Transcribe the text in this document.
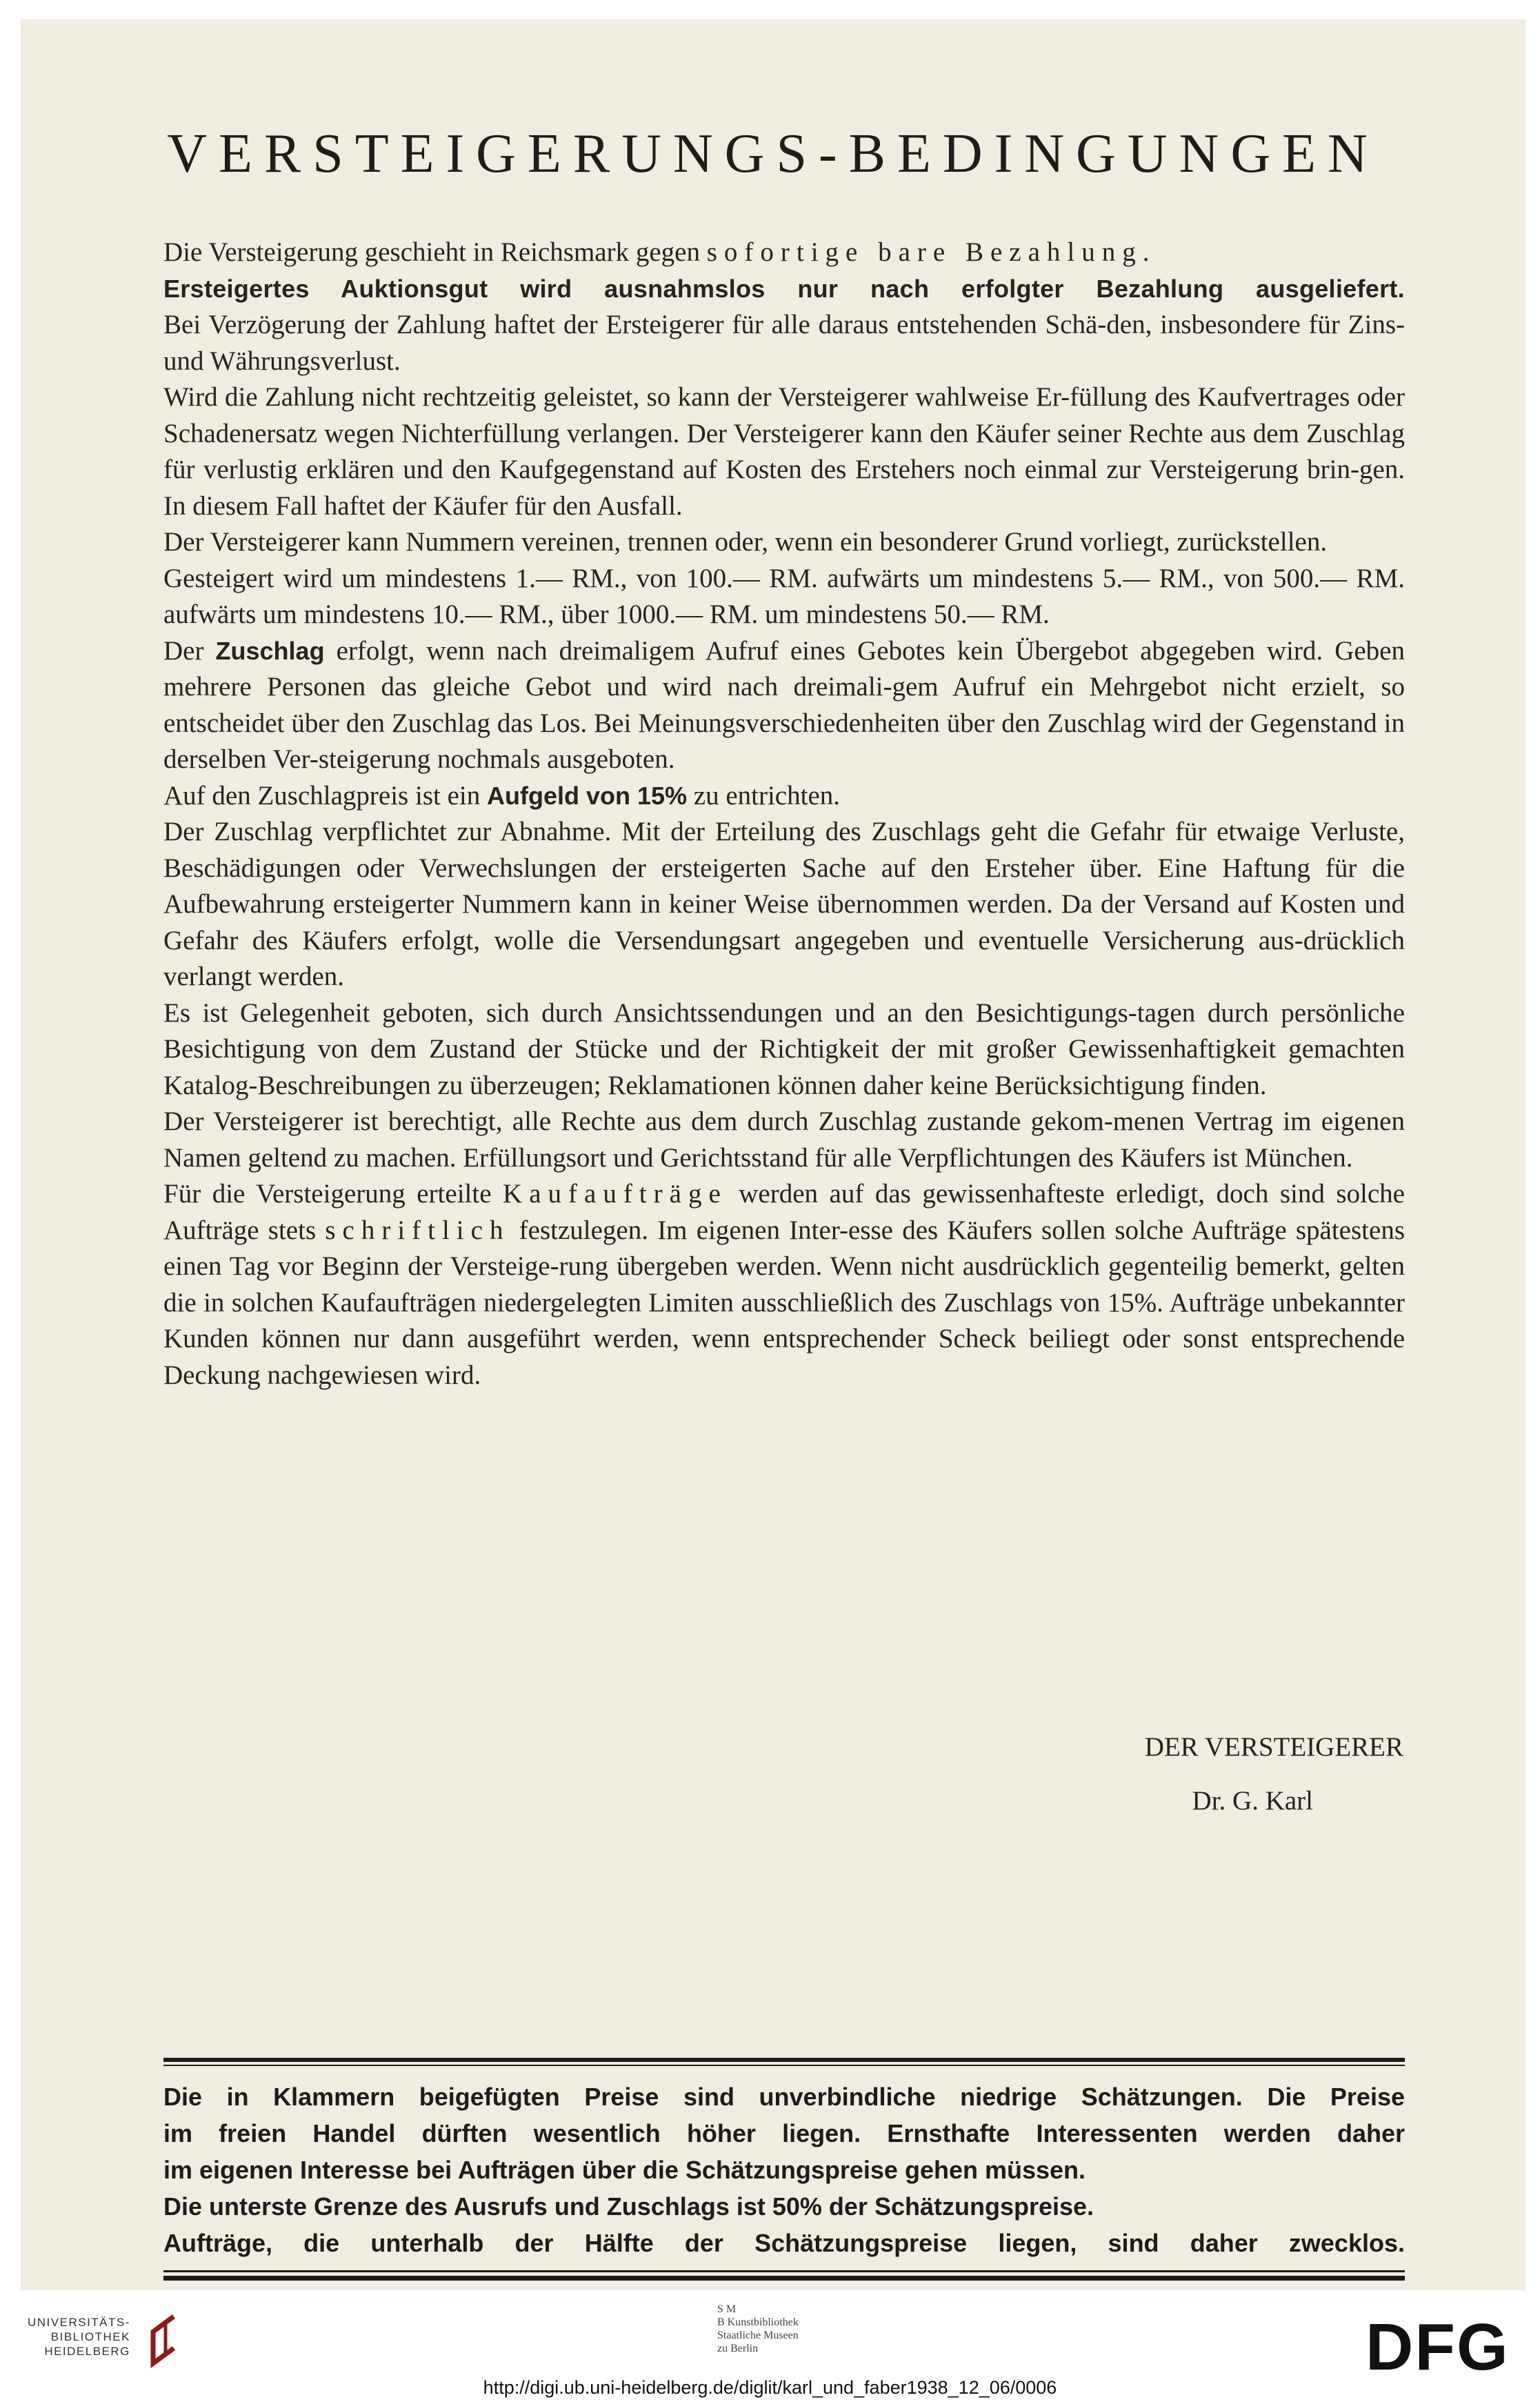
VERSTEIGERUNGS-BEDINGUNGEN
Die Versteigerung geschieht in Reichsmark gegen sofortige bare Bezahlung.
Ersteigertes Auktionsgut wird ausnahmslos nur nach erfolgter Bezahlung ausgeliefert.
Bei Verzögerung der Zahlung haftet der Ersteigerer für alle daraus entstehenden Schä-den, insbesondere für Zins- und Währungsverlust.
Wird die Zahlung nicht rechtzeitig geleistet, so kann der Versteigerer wahlweise Er-füllung des Kaufvertrages oder Schadenersatz wegen Nichterfüllung verlangen. Der Versteigerer kann den Käufer seiner Rechte aus dem Zuschlag für verlustig erklären und den Kaufgegenstand auf Kosten des Erstehers noch einmal zur Versteigerung brin-gen. In diesem Fall haftet der Käufer für den Ausfall.
Der Versteigerer kann Nummern vereinen, trennen oder, wenn ein besonderer Grund vorliegt, zurückstellen.
Gesteigert wird um mindestens 1.— RM., von 100.— RM. aufwärts um mindestens 5.— RM., von 500.— RM. aufwärts um mindestens 10.— RM., über 1000.— RM. um mindestens 50.— RM.
Der Zuschlag erfolgt, wenn nach dreimaligem Aufruf eines Gebotes kein Übergebot abgegeben wird. Geben mehrere Personen das gleiche Gebot und wird nach dreimali-gem Aufruf ein Mehrgebot nicht erzielt, so entscheidet über den Zuschlag das Los. Bei Meinungsverschiedenheiten über den Zuschlag wird der Gegenstand in derselben Ver-steigerung nochmals ausgeboten.
Auf den Zuschlagpreis ist ein Aufgeld von 15% zu entrichten.
Der Zuschlag verpflichtet zur Abnahme. Mit der Erteilung des Zuschlags geht die Gefahr für etwaige Verluste, Beschädigungen oder Verwechslungen der ersteigerten Sache auf den Ersteher über. Eine Haftung für die Aufbewahrung ersteigerter Nummern kann in keiner Weise übernommen werden. Da der Versand auf Kosten und Gefahr des Käufers erfolgt, wolle die Versendungsart angegeben und eventuelle Versicherung aus-drücklich verlangt werden.
Es ist Gelegenheit geboten, sich durch Ansichtssendungen und an den Besichtigungs-tagen durch persönliche Besichtigung von dem Zustand der Stücke und der Richtigkeit der mit großer Gewissenhaftigkeit gemachten Katalog-Beschreibungen zu überzeugen; Reklamationen können daher keine Berücksichtigung finden.
Der Versteigerer ist berechtigt, alle Rechte aus dem durch Zuschlag zustande gekom-menen Vertrag im eigenen Namen geltend zu machen. Erfüllungsort und Gerichtsstand für alle Verpflichtungen des Käufers ist München.
Für die Versteigerung erteilte Kaufaufträge werden auf das gewissenhafteste erledigt, doch sind solche Aufträge stets schriftlich festzulegen. Im eigenen Inter-esse des Käufers sollen solche Aufträge spätestens einen Tag vor Beginn der Versteige-rung übergeben werden. Wenn nicht ausdrücklich gegenteilig bemerkt, gelten die in solchen Kaufaufträgen niedergelegten Limiten ausschließlich des Zuschlags von 15%. Aufträge unbekannter Kunden können nur dann ausgeführt werden, wenn entsprechender Scheck beiliegt oder sonst entsprechende Deckung nachgewiesen wird.
DER VERSTEIGERER
Dr. G. Karl
Die in Klammern beigefügten Preise sind unverbindliche niedrige Schätzungen. Die Preise
im freien Handel dürften wesentlich höher liegen. Ernsthafte Interessenten werden daher
im eigenen Interesse bei Aufträgen über die Schätzungspreise gehen müssen.
Die unterste Grenze des Ausrufs und Zuschlags ist 50% der Schätzungspreise.
Aufträge, die unterhalb der Hälfte der Schätzungspreise liegen, sind daher zwecklos.
UNIVERSITÄTS-
BIBLIOTHEK
HEIDELBERG
S M
B Kunstbibliothek
Staatliche Museen
zu Berlin	DFG
http://digi.ub.uni-heidelberg.de/diglit/karl_und_faber1938_12_06/0006
